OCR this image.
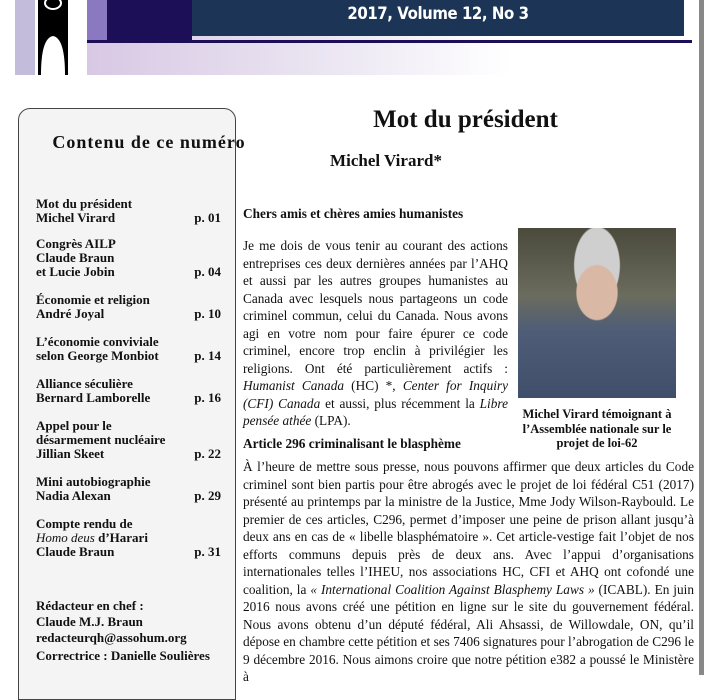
2017, Volume 12, No 3
Contenu de ce numéro
Mot du président
Michel Virard	p. 01
Congrès AILP
Claude Braun
et Lucie Jobin	p. 04
Économie et religion
André Joyal	p. 10
L’économie conviviale
selon George Monbiot	p. 14
Alliance séculière
Bernard Lamborelle	p. 16
Appel pour le
désarmement nucléaire
Jillian Skeet	p. 22
Mini autobiographie
Nadia Alexan	p. 29
Compte rendu de
Homo deus d’Harari
Claude Braun	p. 31
Rédacteur en chef :
Claude M.J. Braun
redacteurqh@assohum.org
Correctrice : Danielle Soulières
Mot du président
Michel Virard*
Chers amis et chères amies humanistes
Je me dois de vous tenir au courant des actions entreprises ces deux dernières années par l’AHQ et aussi par les autres groupes humanistes au Canada avec lesquels nous partageons un code criminel commun, celui du Canada. Nous avons agi en votre nom pour faire épurer ce code criminel, encore trop enclin à privilégier les religions. Ont été particulièrement actifs : Humanist Canada (HC) *, Center for Inquiry (CFI) Canada et aussi, plus récemment la Libre pensée athée (LPA).
Article 296 criminalisant le blasphème
À l’heure de mettre sous presse, nous pouvons affirmer que deux articles du Code criminel sont bien partis pour être abrogés avec le projet de loi fédéral C51 (2017) présenté au printemps par la ministre de la Justice, Mme Jody Wilson-Raybould. Le premier de ces articles, C296, permet d’imposer une peine de prison allant jusqu’à deux ans en cas de « libelle blasphématoire ». Cet article-vestige fait l’objet de nos efforts communs depuis près de deux ans. Avec l’appui d’organisations internationales telles l’IHEU, nos associations HC, CFI et AHQ ont cofondé une coalition, la « International Coalition Against Blasphemy Laws » (ICABL). En juin 2016 nous avons créé une pétition en ligne sur le site du gouvernement fédéral. Nous avons obtenu d’un député fédéral, Ali Ahsassi, de Willowdale, ON, qu’il dépose en chambre cette pétition et ses 7406 signatures pour l’abrogation de C296 le 9 décembre 2016. Nous aimons croire que notre pétition e382 a poussé le Ministère à
Michel Virard témoignant à l’Assemblée nationale sur le projet de loi-62
